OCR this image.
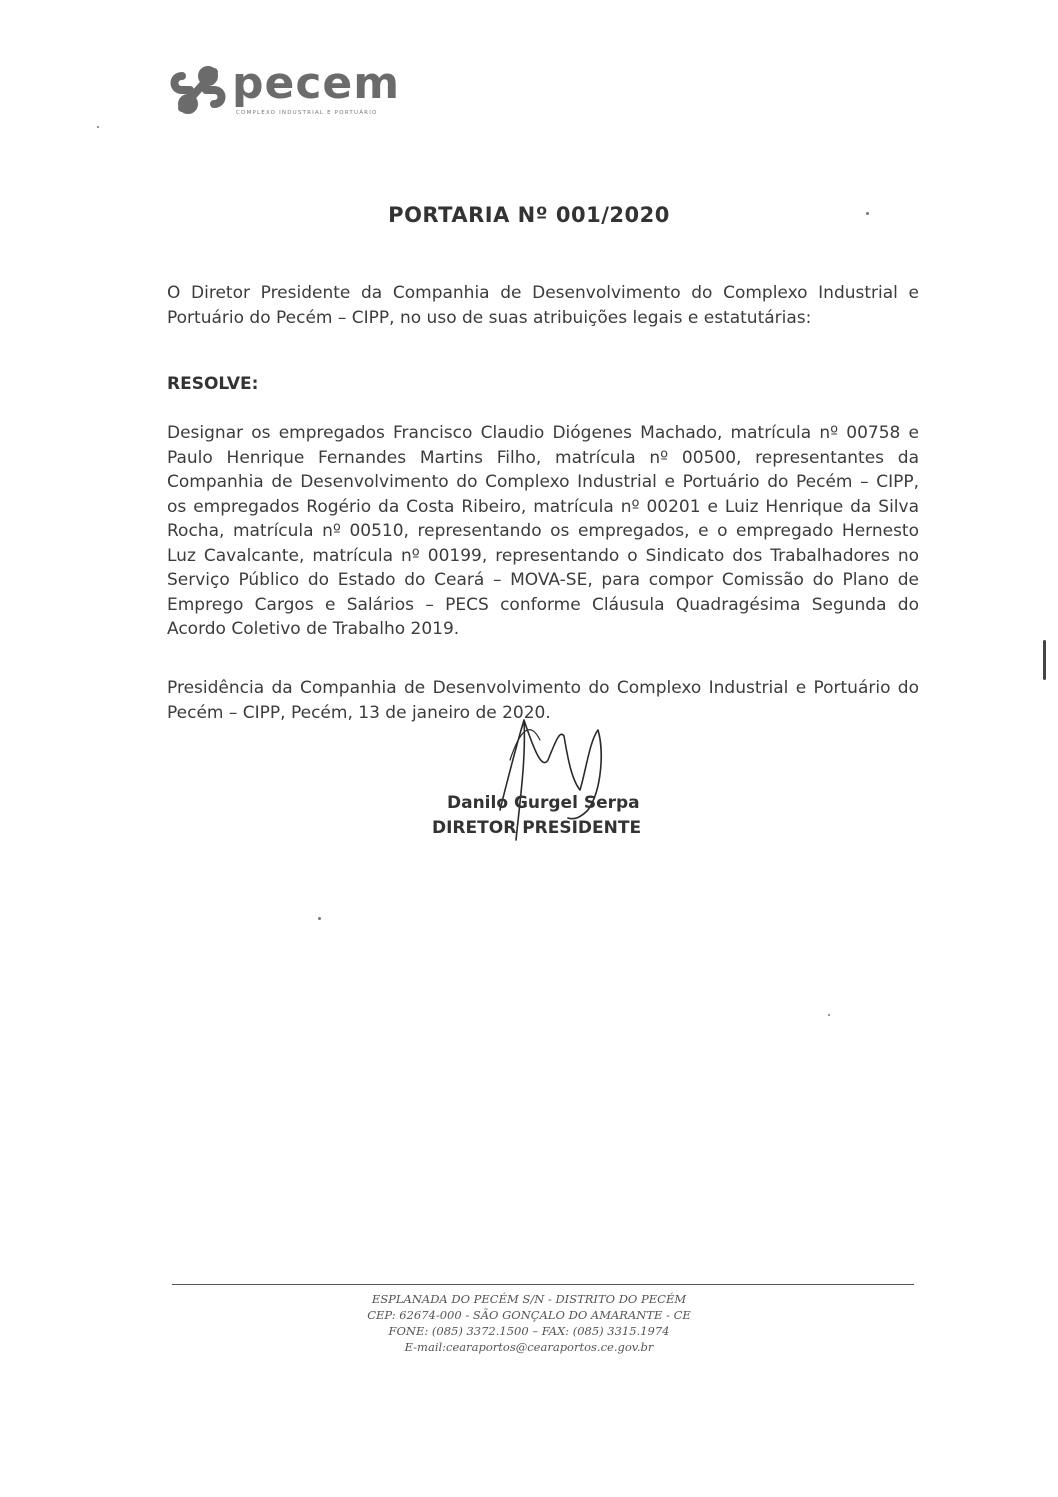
pecem
COMPLEXO INDUSTRIAL E PORTUÁRIO
PORTARIA Nº 001/2020
O Diretor Presidente da Companhia de Desenvolvimento do Complexo Industrial e Portuário do Pecém – CIPP, no uso de suas atribuições legais e estatutárias:
RESOLVE:
Designar os empregados Francisco Claudio Diógenes Machado, matrícula nº 00758 e Paulo Henrique Fernandes Martins Filho, matrícula nº 00500, representantes da Companhia de Desenvolvimento do Complexo Industrial e Portuário do Pecém – CIPP, os empregados Rogério da Costa Ribeiro, matrícula nº 00201 e Luiz Henrique da Silva Rocha, matrícula nº 00510, representando os empregados, e o empregado Hernesto Luz Cavalcante, matrícula nº 00199, representando o Sindicato dos Trabalhadores no Serviço Público do Estado do Ceará – MOVA-SE, para compor Comissão do Plano de Emprego Cargos e Salários – PECS conforme Cláusula Quadragésima Segunda do Acordo Coletivo de Trabalho 2019.
Presidência da Companhia de Desenvolvimento do Complexo Industrial e Portuário do Pecém – CIPP, Pecém, 13 de janeiro de 2020.
Danilo Gurgel Serpa
DIRETOR PRESIDENTE
ESPLANADA DO PECÉM S/N - DISTRITO DO PECÉM
CEP: 62674-000 - SÃO GONÇALO DO AMARANTE - CE
FONE: (085) 3372.1500 – FAX: (085) 3315.1974
E-mail:cearaportos@cearaportos.ce.gov.br
